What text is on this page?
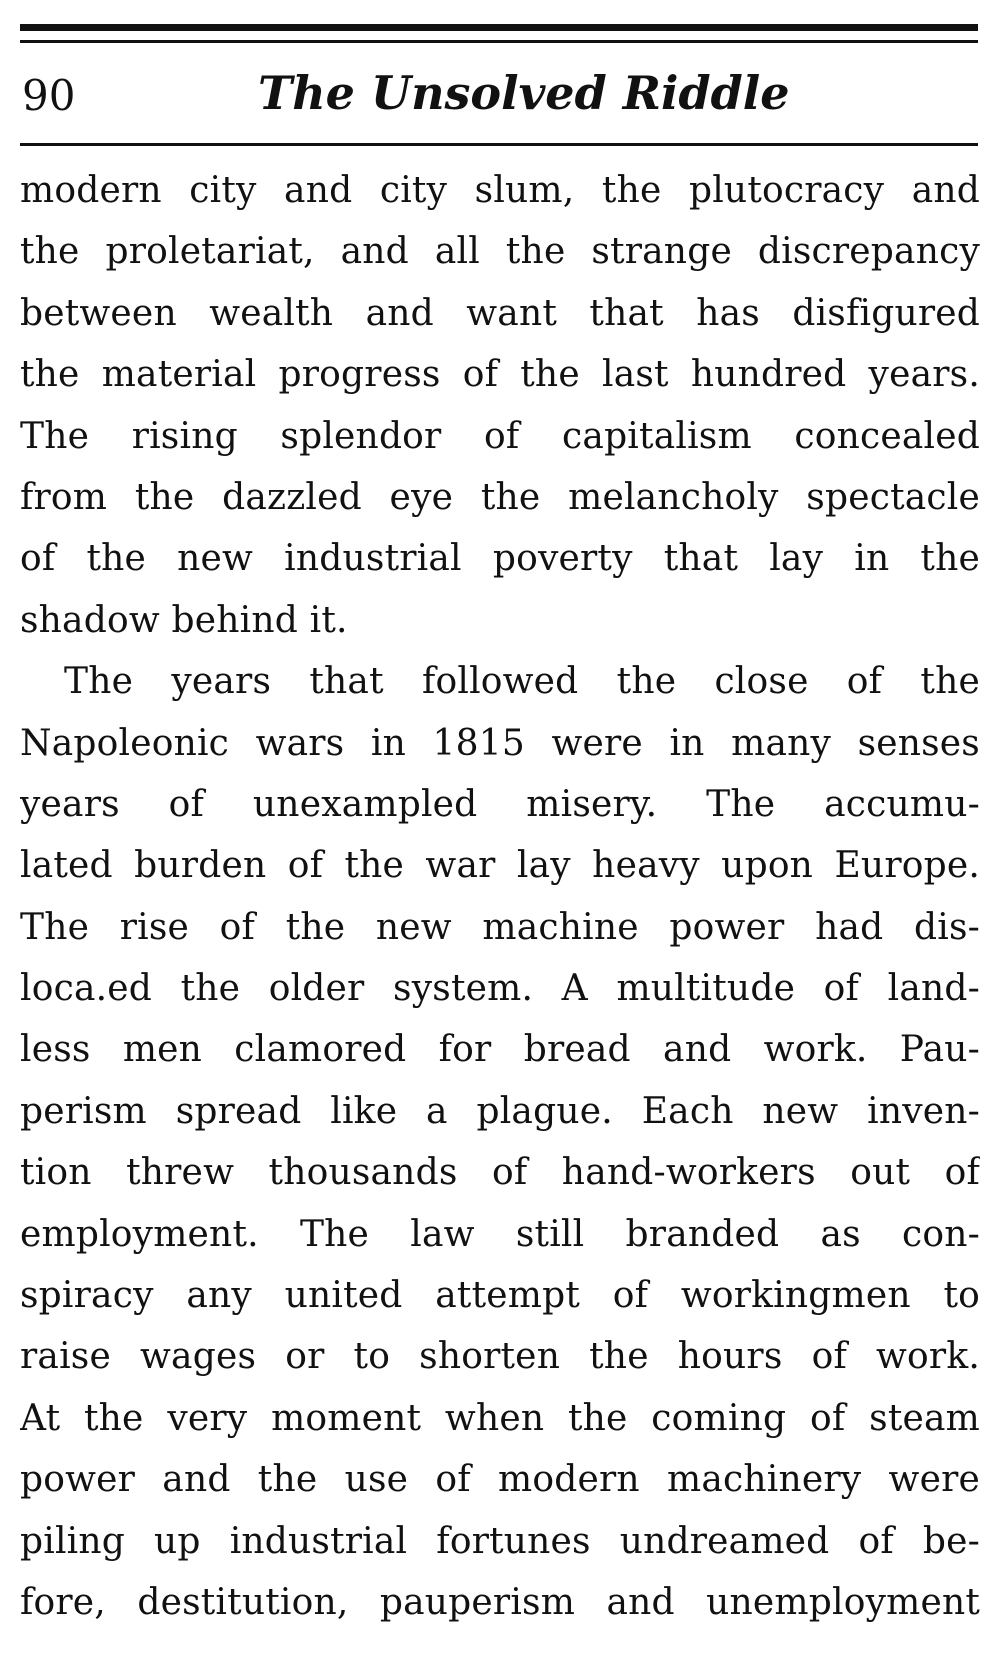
90	The Unsolved Riddle
modern city and city slum, the plutocracy and
the proletariat, and all the strange discrepancy
between wealth and want that has disfigured
the material progress of the last hundred years.
The rising splendor of capitalism concealed
from the dazzled eye the melancholy spectacle
of the new industrial poverty that lay in the
shadow behind it.
The years that followed the close of the
Napoleonic wars in 1815 were in many senses
years of unexampled misery. The accumu-
lated burden of the war lay heavy upon Europe.
The rise of the new machine power had dis-
loca.ed the older system. A multitude of land-
less men clamored for bread and work. Pau-
perism spread like a plague. Each new inven-
tion threw thousands of hand-workers out of
employment. The law still branded as con-
spiracy any united attempt of workingmen to
raise wages or to shorten the hours of work.
At the very moment when the coming of steam
power and the use of modern machinery were
piling up industrial fortunes undreamed of be-
fore, destitution, pauperism and unemployment
